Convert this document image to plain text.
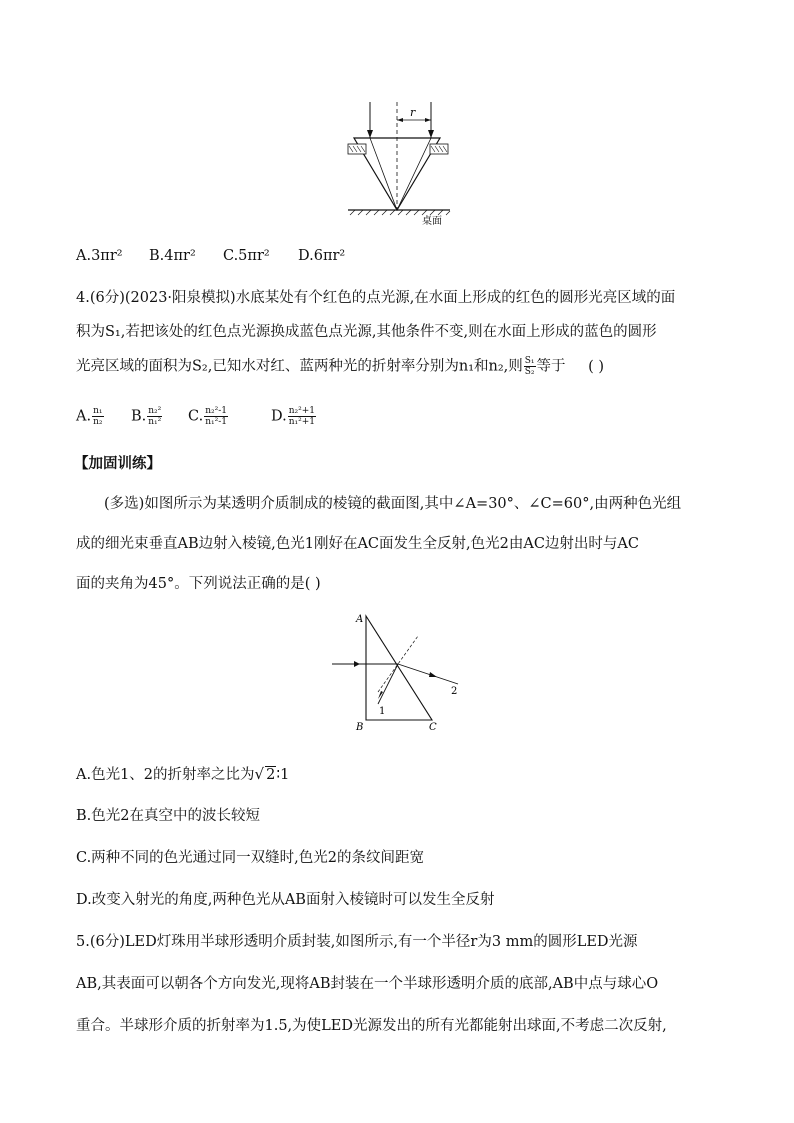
r
桌面
A.3πr² B.4πr² C.5πr² D.6πr²
4.(6分)(2023·阳泉模拟)水底某处有个红色的点光源,在水面上形成的红色的圆形光亮区域的面
积为S₁,若把该处的红色点光源换成蓝色点光源,其他条件不变,则在水面上形成的蓝色的圆形
光亮区域的面积为S₂,已知水对红、蓝两种光的折射率分别为n₁和n₂,则 $\frac{\text{S₁}}{\text{S₂}}$ 等于 ( )
A. $\frac{\text{n₁}}{\text{n₂}} B$. $\frac{\text{n₂²}}{\text{n₁²}} C$. $\frac{\text{n₂²-1}}{\text{n₁²-1}}$	D. $\frac{\text{n₂²+1}}{\text{n₁²+1}}$
【加固训练】
(多选)如图所示为某透明介质制成的棱镜的截面图,其中∠A=30°、∠C=60°,由两种色光组
成的细光束垂直AB边射入棱镜,色光1刚好在AC面发生全反射,色光2由AC边射出时与AC
面的夹角为45°。下列说法正确的是( )
A
B	C
2
1
A.色光1、2的折射率之比为√ 2∶1
B.色光2在真空中的波长较短
C.两种不同的色光通过同一双缝时,色光2的条纹间距宽
D.改变入射光的角度,两种色光从AB面射入棱镜时可以发生全反射
5.(6分)LED灯珠用半球形透明介质封装,如图所示,有一个半径r为3 mm的圆形LED光源
AB,其表面可以朝各个方向发光,现将AB封装在一个半球形透明介质的底部,AB中点与球心O
重合。半球形介质的折射率为1.5,为使LED光源发出的所有光都能射出球面,不考虑二次反射,
